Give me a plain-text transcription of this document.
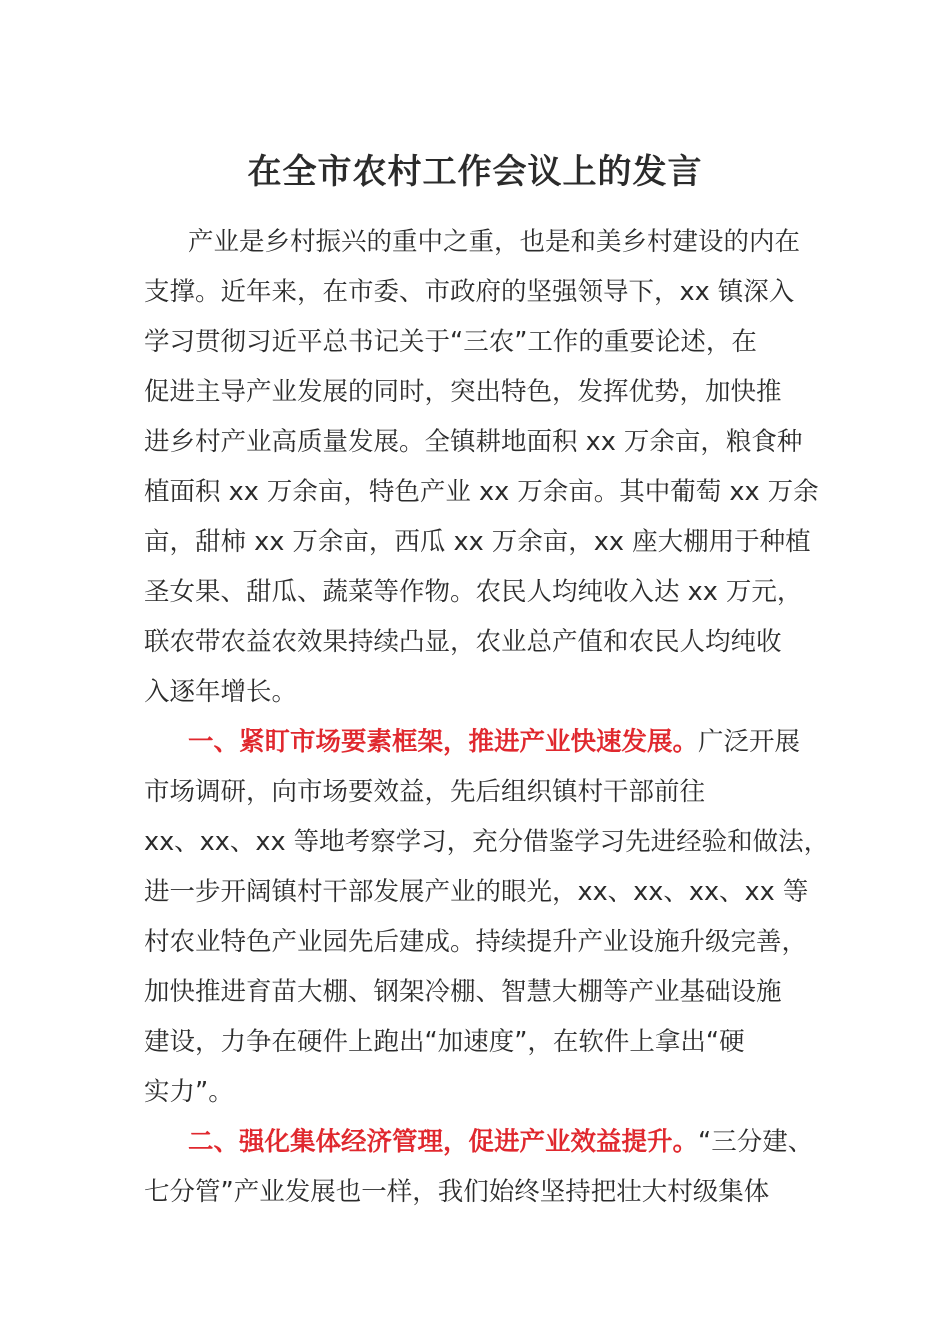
在全市农村工作会议上的发言
产业是乡村振兴的重中之重，也是和美乡村建设的内在
支撑。近年来，在市委、市政府的坚强领导下，xx 镇深入
学习贯彻习近平总书记关于“三农”工作的重要论述，在
促进主导产业发展的同时，突出特色，发挥优势，加快推
进乡村产业高质量发展。全镇耕地面积 xx 万余亩，粮食种
植面积 xx 万余亩，特色产业 xx 万余亩。其中葡萄 xx 万余
亩，甜柿 xx 万余亩，西瓜 xx 万余亩，xx 座大棚用于种植
圣女果、甜瓜、蔬菜等作物。农民人均纯收入达 xx 万元，
联农带农益农效果持续凸显，农业总产值和农民人均纯收
入逐年增长。
一、紧盯市场要素框架，推进产业快速发展。广泛开展
市场调研，向市场要效益，先后组织镇村干部前往
xx、xx、xx 等地考察学习，充分借鉴学习先进经验和做法，
进一步开阔镇村干部发展产业的眼光，xx、xx、xx、xx 等
村农业特色产业园先后建成。持续提升产业设施升级完善，
加快推进育苗大棚、钢架冷棚、智慧大棚等产业基础设施
建设，力争在硬件上跑出“加速度”，在软件上拿出“硬
实力”。
二、强化集体经济管理，促进产业效益提升。“三分建、
七分管”产业发展也一样，我们始终坚持把壮大村级集体
